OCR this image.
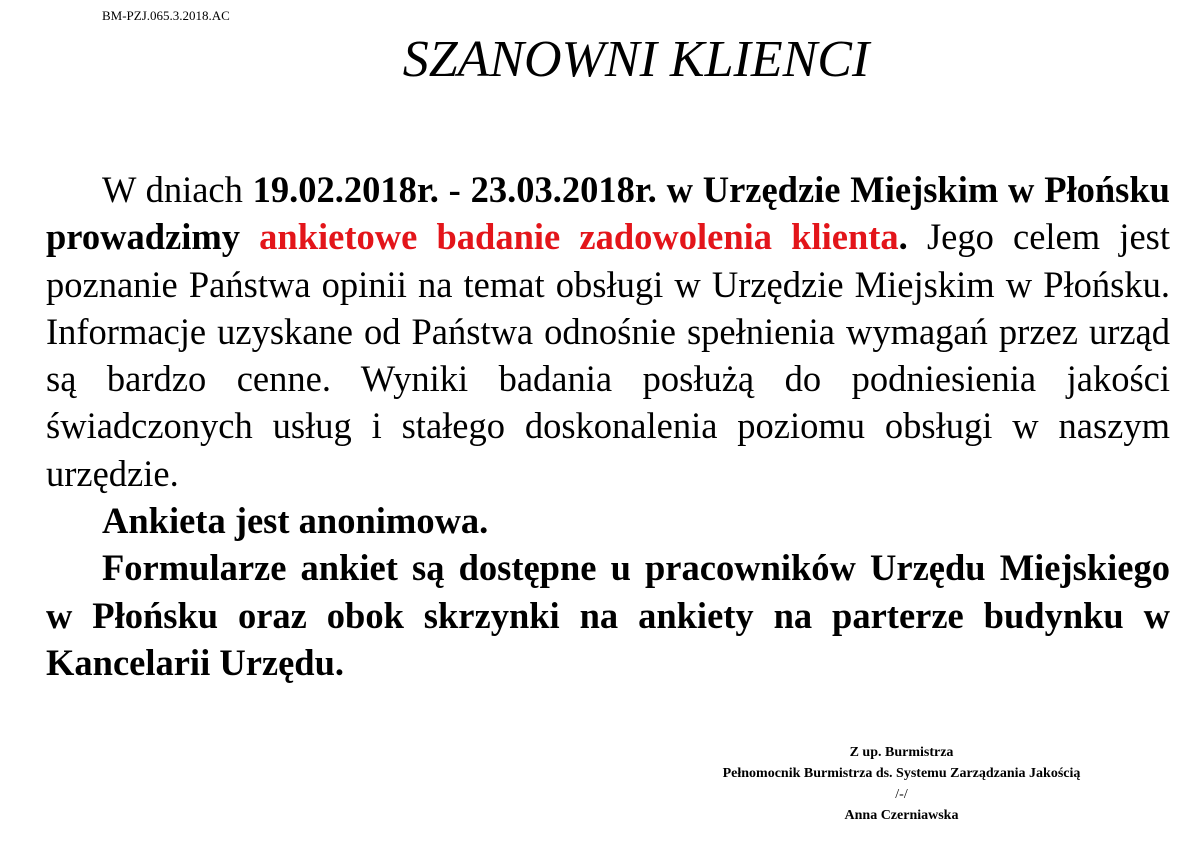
BM-PZJ.065.3.2018.AC
SZANOWNI KLIENCI

W dniach 19.02.2018r. - 23.03.2018r. w Urzędzie Miejskim w Płońsku prowadzimy ankietowe badanie zadowolenia klienta. Jego celem jest poznanie Państwa opinii na temat obsługi w Urzędzie Miejskim w Płońsku. Informacje uzyskane od Państwa odnośnie spełnienia wymagań przez urząd są bardzo cenne. Wyniki badania posłużą do podniesienia jakości świadczonych usług i stałego doskonalenia poziomu obsługi w naszym urzędzie.

Ankieta jest anonimowa.

Formularze ankiet są dostępne u pracowników Urzędu Miejskiego w Płońsku oraz obok skrzynki na ankiety na parterze budynku w Kancelarii Urzędu.

Z up. Burmistrza
Pełnomocnik Burmistrza ds. Systemu Zarządzania Jakością
/-/
Anna Czerniawska
